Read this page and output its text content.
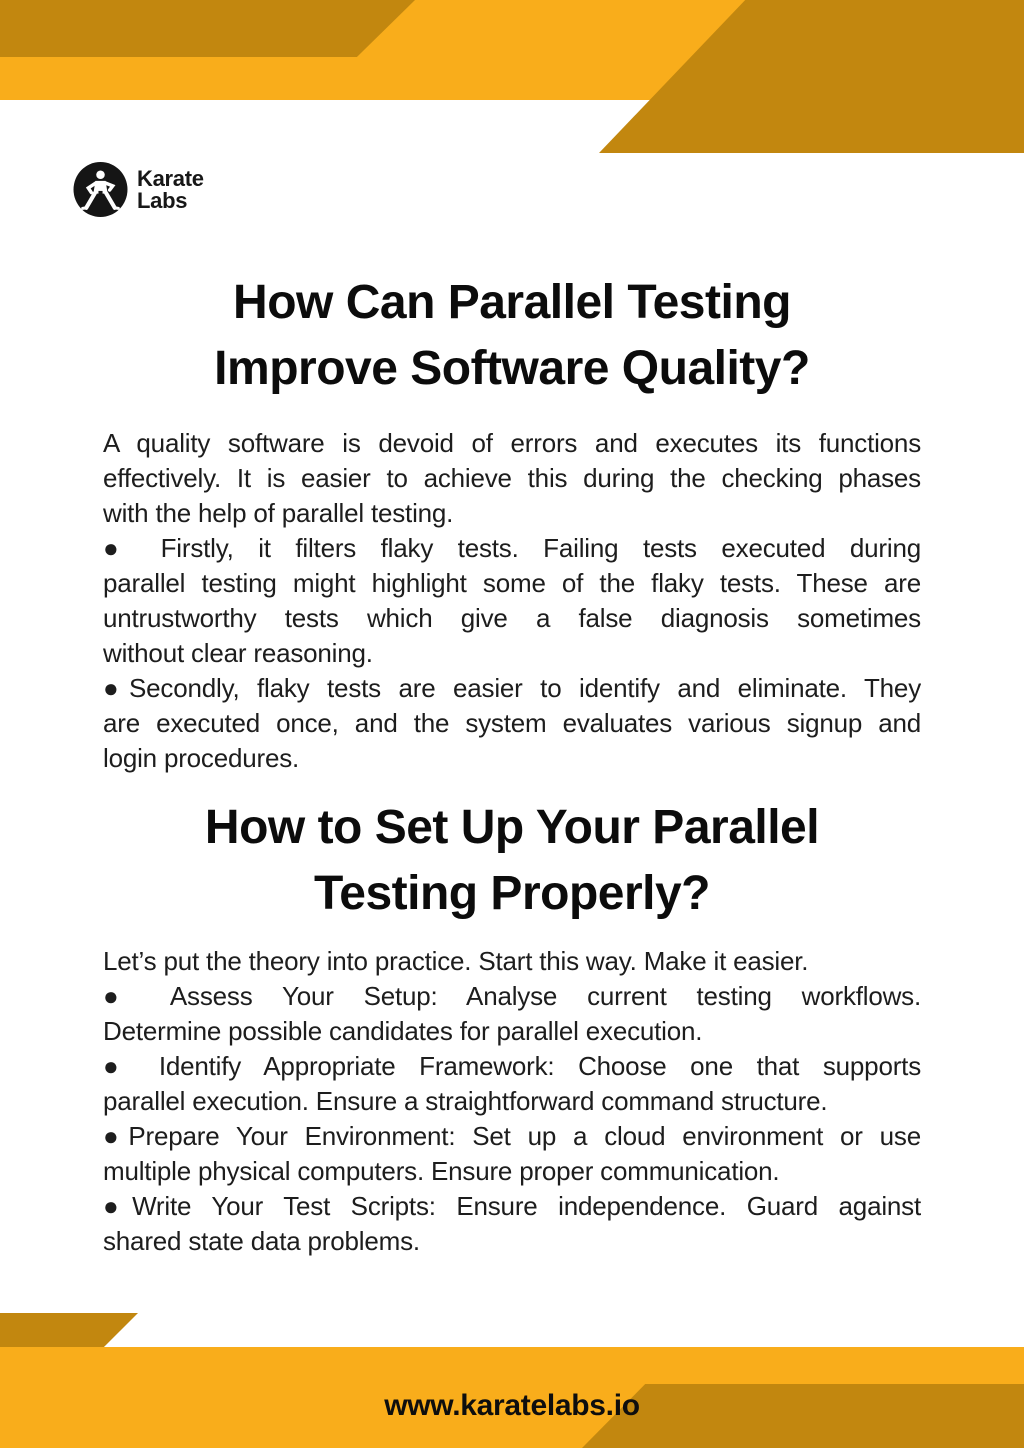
Karate
Labs
How Can Parallel Testing
Improve Software Quality?
A quality software is devoid of errors and executes its functions
effectively. It is easier to achieve this during the checking phases
with the help of parallel testing.
● Firstly, it filters flaky tests. Failing tests executed during
parallel testing might highlight some of the flaky tests. These are
untrustworthy tests which give a false diagnosis sometimes
without clear reasoning.
●Secondly, flaky tests are easier to identify and eliminate. They
are executed once, and the system evaluates various signup and
login procedures.
How to Set Up Your Parallel
Testing Properly?
Let’s put the theory into practice. Start this way. Make it easier.
● Assess Your Setup: Analyse current testing workflows.
Determine possible candidates for parallel execution.
● Identify Appropriate Framework: Choose one that supports
parallel execution. Ensure a straightforward command structure.
●Prepare Your Environment: Set up a cloud environment or use
multiple physical computers. Ensure proper communication.
●Write Your Test Scripts: Ensure independence. Guard against
shared state data problems.
www.karatelabs.io
